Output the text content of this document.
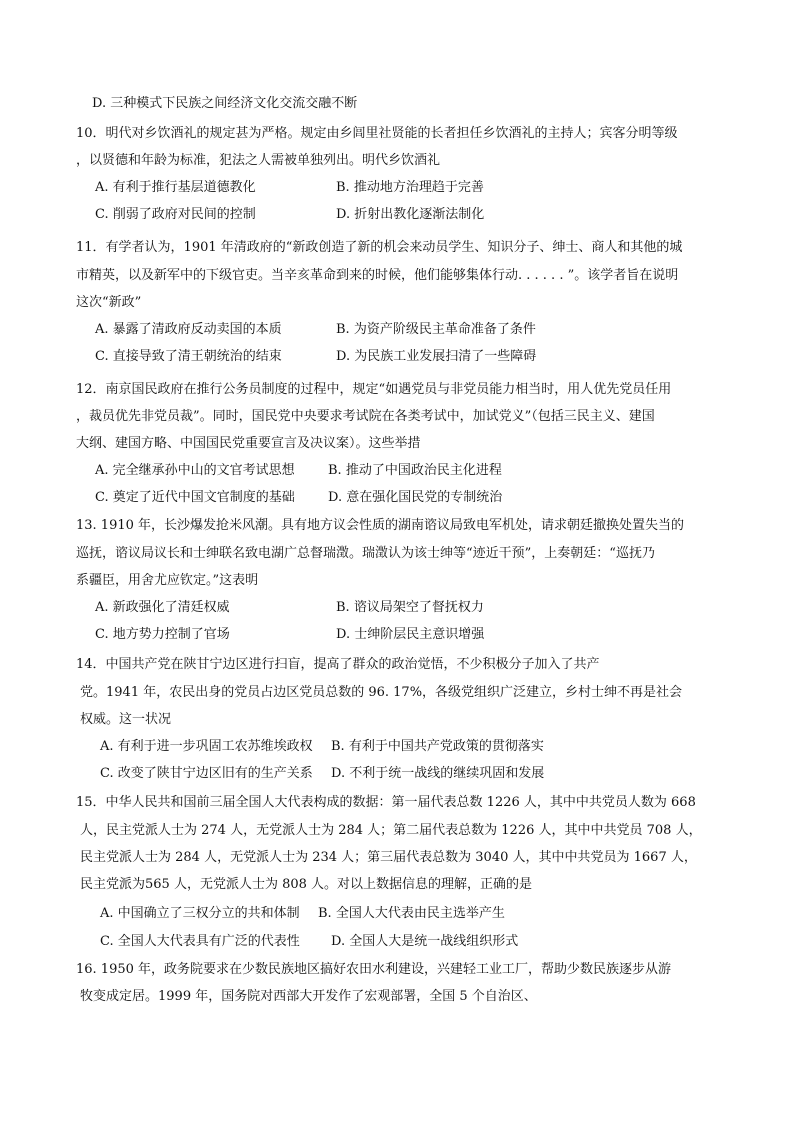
D. 三种模式下民族之间经济文化交流交融不断
10．明代对乡饮酒礼的规定甚为严格。规定由乡闾里社贤能的长者担任乡饮酒礼的主持人；宾客分明等级
，以贤德和年龄为标准，犯法之人需被单独列出。明代乡饮酒礼
A. 有利于推行基层道德教化	B. 推动地方治理趋于完善
C. 削弱了政府对民间的控制	D. 折射出教化逐渐法制化
11．有学者认为，1901 年清政府的“新政创造了新的机会来动员学生、知识分子、绅士、商人和其他的城
市精英，以及新军中的下级官吏。当辛亥革命到来的时候，他们能够集体行动. . . . . . ”。该学者旨在说明
这次“新政”
A. 暴露了清政府反动卖国的本质	B. 为资产阶级民主革命准备了条件
C. 直接导致了清王朝统治的结束	D. 为民族工业发展扫清了一些障碍
12．南京国民政府在推行公务员制度的过程中，规定“如遇党员与非党员能力相当时，用人优先党员任用
，裁员优先非党员裁”。同时，国民党中央要求考试院在各类考试中，加试党义”（包括三民主义、建国
大纲、建国方略、中国国民党重要宣言及决议案）。这些举措
A. 完全继承孙中山的文官考试思想	B. 推动了中国政治民主化进程
C. 奠定了近代中国文官制度的基础	D. 意在强化国民党的专制统治
13. 1910 年，长沙爆发抢米风潮。具有地方议会性质的湖南谘议局致电军机处，请求朝廷撤换处置失当的
巡抚，谘议局议长和士绅联名致电湖广总督瑞澂。瑞澂认为该士绅等“迹近干预”，上奏朝廷：“巡抚乃
系疆臣，用舍尤应钦定。”这表明
A. 新政强化了清廷权威	B. 谘议局架空了督抚权力
C. 地方势力控制了官场	D. 士绅阶层民主意识增强
14．中国共产党在陕甘宁边区进行扫盲，提高了群众的政治觉悟，不少积极分子加入了共产
党。1941 年，农民出身的党员占边区党员总数的 96. 17%，各级党组织广泛建立，乡村士绅不再是社会
权威。这一状况
A. 有利于进一步巩固工农苏维埃政权 B. 有利于中国共产党政策的贯彻落实
C. 改变了陕甘宁边区旧有的生产关系 D. 不利于统一战线的继续巩固和发展
15．中华人民共和国前三届全国人大代表构成的数据：第一届代表总数 1226 人，其中中共党员人数为 668
人，民主党派人士为 274 人，无党派人士为 284 人；第二届代表总数为 1226 人，其中中共党员 708 人，
民主党派人士为 284 人，无党派人士为 234 人；第三届代表总数为 3040 人，其中中共党员为 1667 人，
民主党派为565 人，无党派人士为 808 人。对以上数据信息的理解，正确的是
A. 中国确立了三权分立的共和体制 B. 全国人大代表由民主选举产生
C. 全国人大代表具有广泛的代表性 D. 全国人大是统一战线组织形式
16. 1950 年，政务院要求在少数民族地区搞好农田水利建设，兴建轻工业工厂，帮助少数民族逐步从游
牧变成定居。1999 年，国务院对西部大开发作了宏观部署，全国 5 个自治区、
